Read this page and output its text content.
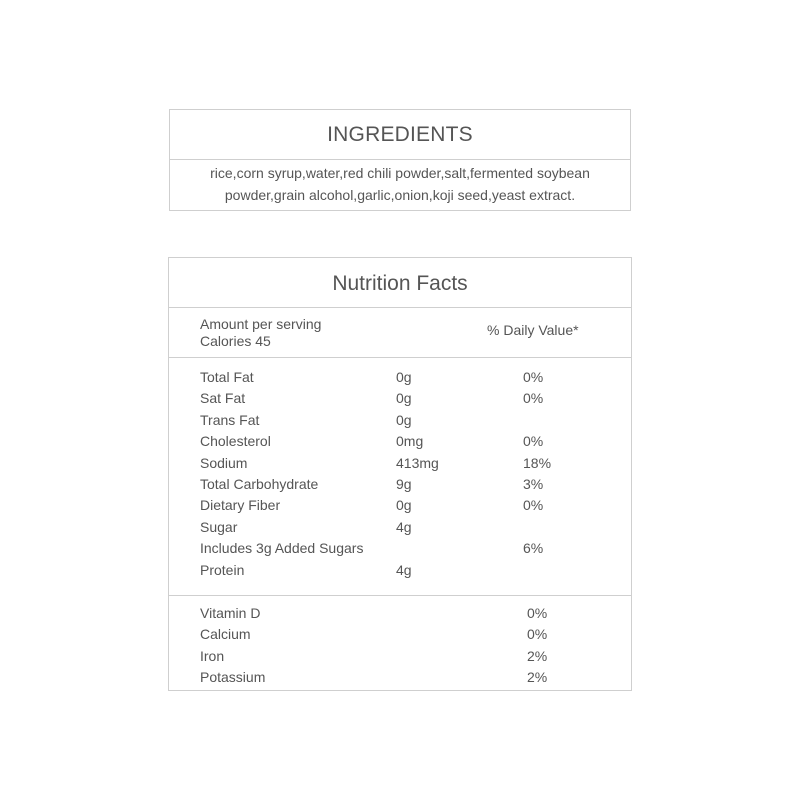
INGREDIENTS
rice,corn syrup,water,red chili powder,salt,fermented soybean
powder,grain alcohol,garlic,onion,koji seed,yeast extract.
Nutrition Facts
Amount per serving
Calories 45
% Daily Value*
Total Fat	0g	0%
Sat Fat	0g	0%
Trans Fat	0g
Cholesterol	0mg	0%
Sodium	413mg	18%
Total Carbohydrate	9g	3%
Dietary Fiber	0g	0%
Sugar	4g
Includes 3g Added Sugars	6%
Protein	4g
Vitamin D	0%
Calcium	0%
Iron	2%
Potassium	2%
